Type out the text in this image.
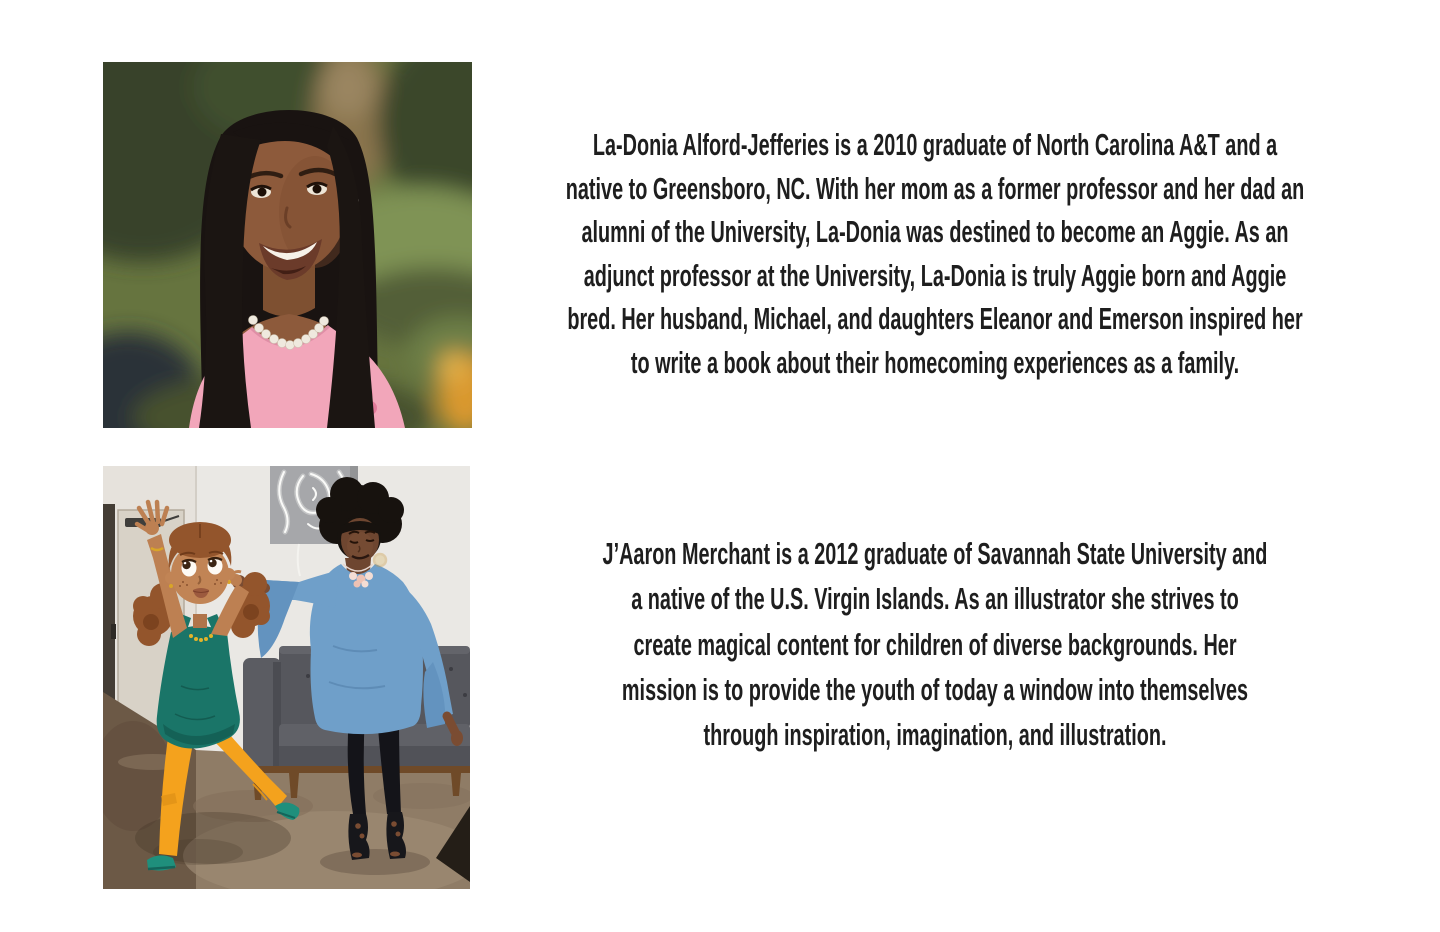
La-Donia Alford-Jefferies is a 2010 graduate of North Carolina A&T and a
native to Greensboro, NC. With her mom as a former professor and her dad an
alumni of the University, La-Donia was destined to become an Aggie. As an
adjunct professor at the University, La-Donia is truly Aggie born and Aggie
bred. Her husband, Michael, and daughters Eleanor and Emerson inspired her
to write a book about their homecoming experiences as a family.
J’Aaron Merchant is a 2012 graduate of Savannah State University and
a native of the U.S. Virgin Islands. As an illustrator she strives to
create magical content for children of diverse backgrounds. Her
mission is to provide the youth of today a window into themselves
through inspiration, imagination, and illustration.
